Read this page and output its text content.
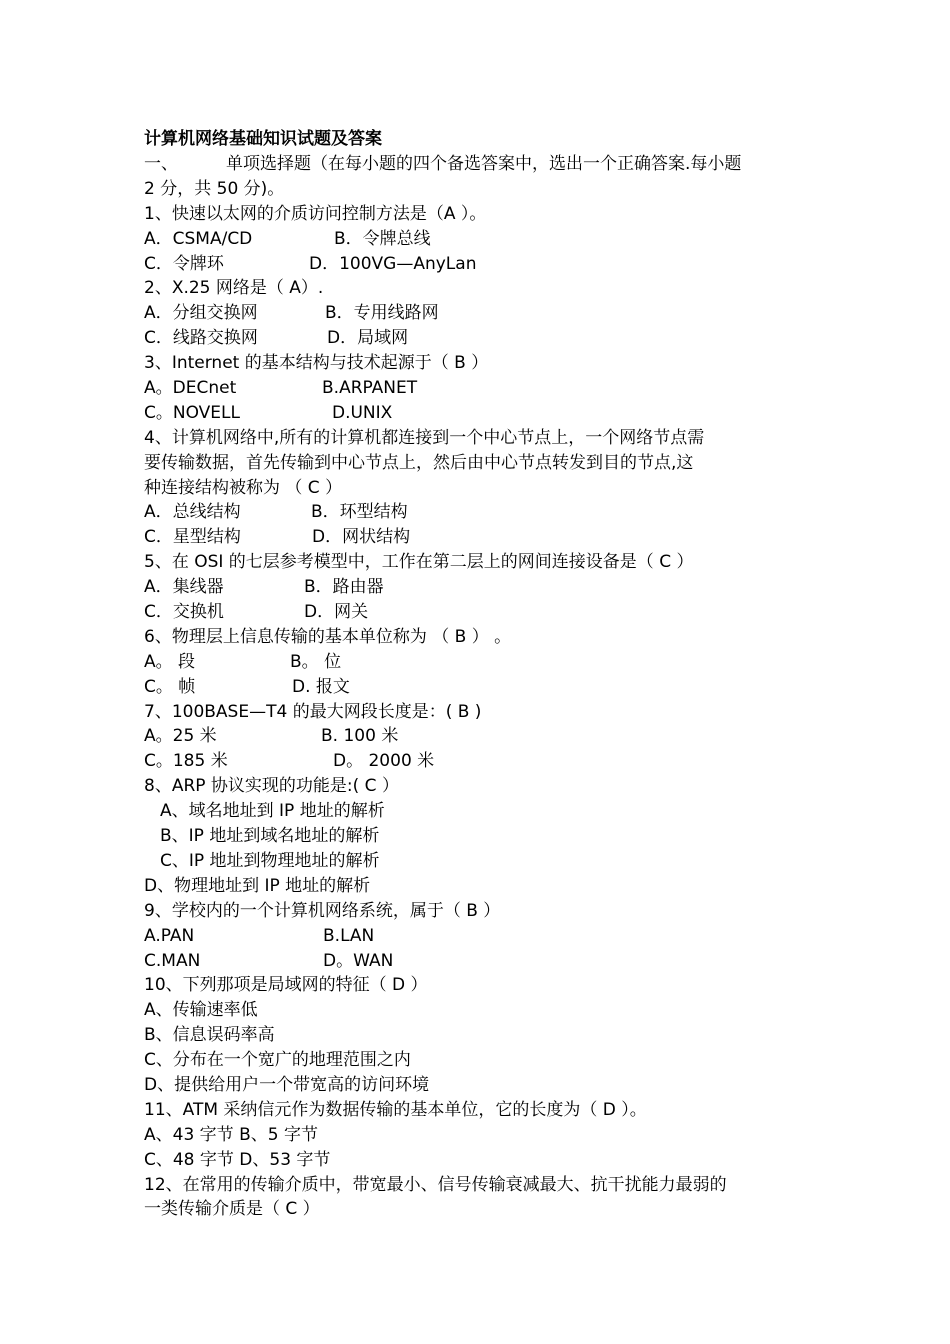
计算机网络基础知识试题及答案
一、	单项选择题（在每小题的四个备选答案中，选出一个正确答案.每小题
2 分，共 50 分)。
1、快速以太网的介质访问控制方法是（A ）。
A．CSMA/CD	B．令牌总线
C．令牌环	D．100VG—AnyLan
2、X.25 网络是（ A）.
A．分组交换网	B．专用线路网
C．线路交换网	D．局域网
3、Internet 的基本结构与技术起源于（ B ）
A。DECnet	B.ARPANET
C。NOVELL	D.UNIX
4、计算机网络中,所有的计算机都连接到一个中心节点上，一个网络节点需
要传输数据，首先传输到中心节点上，然后由中心节点转发到目的节点,这
种连接结构被称为 （ C ）
A．总线结构	B．环型结构
C．星型结构	D．网状结构
5、在 OSI 的七层参考模型中，工作在第二层上的网间连接设备是（ C ）
A．集线器	B．路由器
C．交换机	D．网关
6、物理层上信息传输的基本单位称为 （ B ） 。
A。 段	B。 位
C。 帧	D. 报文
7、100BASE—T4 的最大网段长度是：( B )
A。25 米	B. 100 米
C。185 米	D。 2000 米
8、ARP 协议实现的功能是:( C ）
A、域名地址到 IP 地址的解析
B、IP 地址到域名地址的解析
C、IP 地址到物理地址的解析
D、物理地址到 IP 地址的解析
9、学校内的一个计算机网络系统，属于（ B ）
A.PAN	B.LAN
C.MAN	D。WAN
10、下列那项是局域网的特征（ D ）
A、传输速率低
B、信息误码率高
C、分布在一个宽广的地理范围之内
D、提供给用户一个带宽高的访问环境
11、ATM 采纳信元作为数据传输的基本单位，它的长度为（ D ）。
A、43 字节 B、5 字节
C、48 字节 D、53 字节
12、在常用的传输介质中，带宽最小、信号传输衰减最大、抗干扰能力最弱的
一类传输介质是（ C ）
